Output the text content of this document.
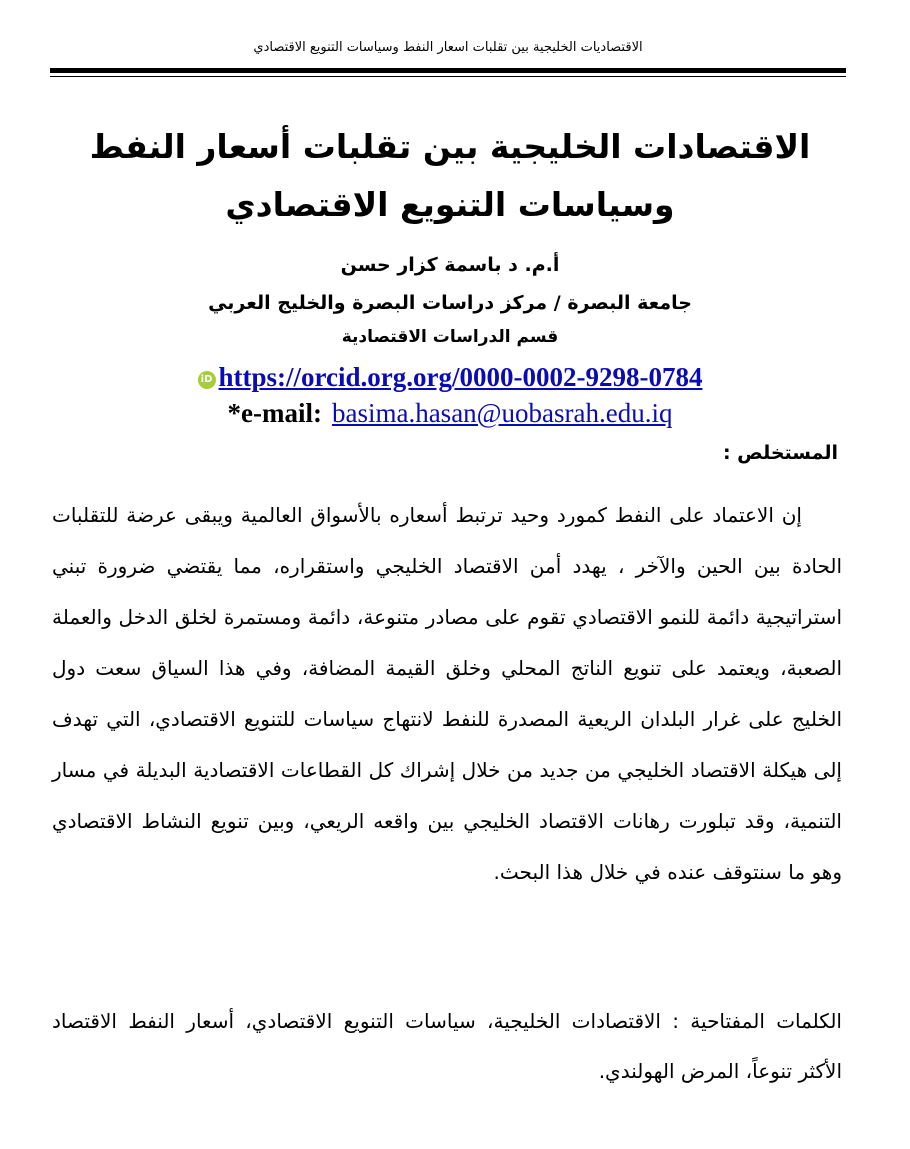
الاقتصاديات الخليجية بين تقلبات اسعار النفط وسياسات التنويع الاقتصادي
الاقتصادات الخليجية بين تقلبات أسعار النفط وسياسات التنويع الاقتصادي
أ.م. د باسمة كزار حسن
جامعة البصرة / مركز دراسات البصرة والخليج العربي
قسم الدراسات الاقتصادية
iD https://orcid.org.org/0000-0002-9298-0784
*e-mail: basima.hasan@uobasrah.edu.iq
المستخلص :

إن الاعتماد على النفط كمورد وحيد ترتبط أسعاره بالأسواق العالمية ويبقى عرضة للتقلبات الحادة بين الحين والآخر ، يهدد أمن الاقتصاد الخليجي واستقراره، مما يقتضي ضرورة تبني استراتيجية دائمة للنمو الاقتصادي تقوم على مصادر متنوعة، دائمة ومستمرة لخلق الدخل والعملة الصعبة، ويعتمد على تنويع الناتج المحلي وخلق القيمة المضافة، وفي هذا السياق سعت دول الخليج على غرار البلدان الريعية المصدرة للنفط لانتهاج سياسات للتنويع الاقتصادي، التي تهدف إلى هيكلة الاقتصاد الخليجي من جديد من خلال إشراك كل القطاعات الاقتصادية البديلة في مسار التنمية، وقد تبلورت رهانات الاقتصاد الخليجي بين واقعه الريعي، وبين تنويع النشاط الاقتصادي وهو ما سنتوقف عنده في خلال هذا البحث.

الكلمات المفتاحية : الاقتصادات الخليجية، سياسات التنويع الاقتصادي، أسعار النفط الاقتصاد الأكثر تنوعاً، المرض الهولندي.
